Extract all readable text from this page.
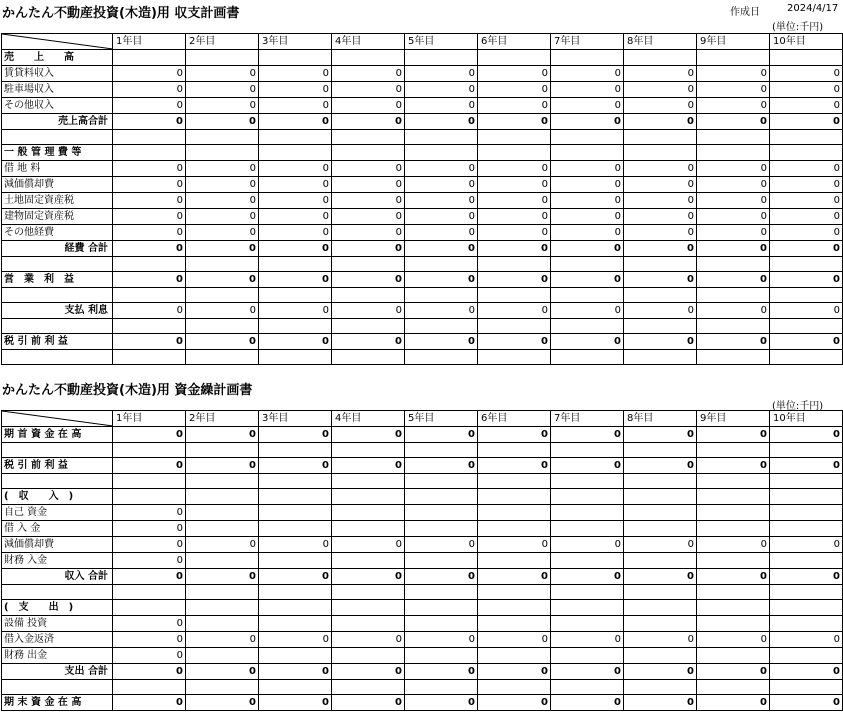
かんたん不動産投資(木造)用 収支計画書	作成日	2024/4/17
(単位:千円)
	1年目	2年目	3年目	4年目	5年目	6年目	7年目	8年目	9年目	10年目
売　　上　　高										
賃貸料収入	0	0	0	0	0	0	0	0	0	0
駐車場収入	0	0	0	0	0	0	0	0	0	0
その他収入	0	0	0	0	0	0	0	0	0	0
売上高合計	0	0	0	0	0	0	0	0	0	0

一 般 管 理 費 等										
借 地 料	0	0	0	0	0	0	0	0	0	0
減価償却費	0	0	0	0	0	0	0	0	0	0
土地固定資産税	0	0	0	0	0	0	0	0	0	0
建物固定資産税	0	0	0	0	0	0	0	0	0	0
その他経費	0	0	0	0	0	0	0	0	0	0
経費 合計	0	0	0	0	0	0	0	0	0	0

営　業　利　益	0	0	0	0	0	0	0	0	0	0

支払 利息	0	0	0	0	0	0	0	0	0	0

税 引 前 利 益	0	0	0	0	0	0	0	0	0	0

かんたん不動産投資(木造)用 資金繰計画書
(単位:千円)
	1年目	2年目	3年目	4年目	5年目	6年目	7年目	8年目	9年目	10年目
期 首 資 金 在 高	0	0	0	0	0	0	0	0	0	0

税 引 前 利 益	0	0	0	0	0	0	0	0	0	0

(　収　　入　)										
自己 資金	0									
借 入 金	0									
減価償却費	0	0	0	0	0	0	0	0	0	0
財務 入金	0									
収入 合計	0	0	0	0	0	0	0	0	0	0

(　支　　出　)										
設備 投資	0									
借入金返済	0	0	0	0	0	0	0	0	0	0
財務 出金	0									
支出 合計	0	0	0	0	0	0	0	0	0	0

期 末 資 金 在 高	0	0	0	0	0	0	0	0	0	0
